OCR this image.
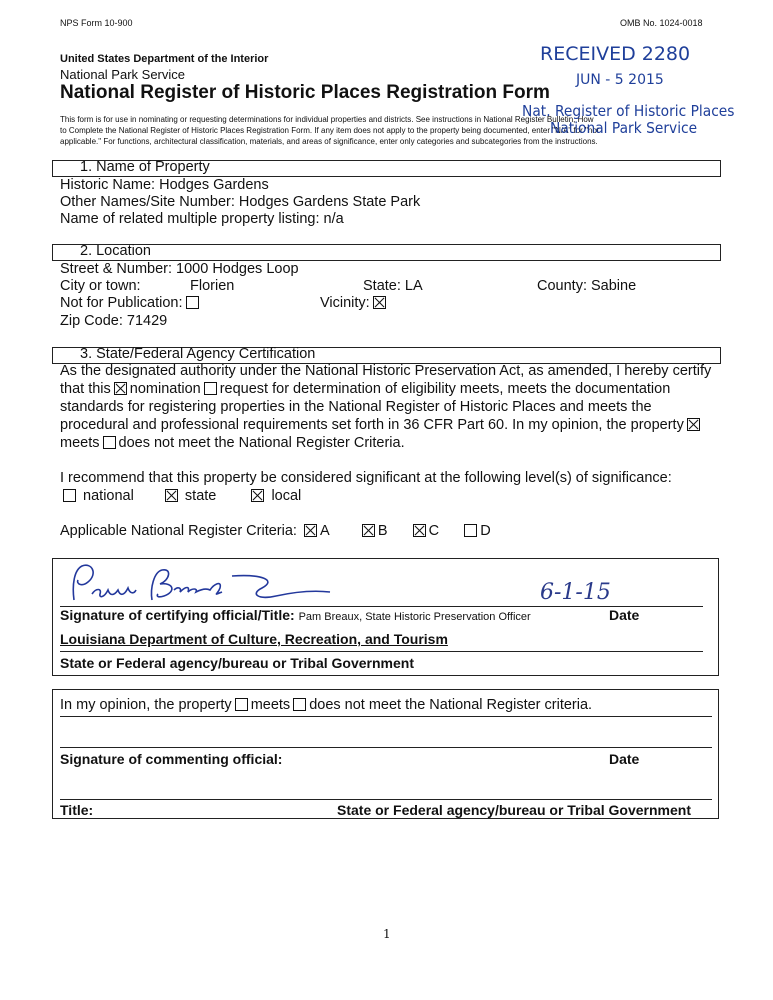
NPS Form 10-900	OMB No. 1024-0018
United States Department of the Interior
National Park Service
National Register of Historic Places Registration Form
This form is for use in nominating or requesting determinations for individual properties and districts. See instructions in National Register Bulletin, How
to Complete the National Register of Historic Places Registration Form. If any item does not apply to the property being documented, enter "N/A" for "not
applicable." For functions, architectural classification, materials, and areas of significance, enter only categories and subcategories from the instructions.
RECEIVED 2280
JUN - 5 2015
Nat. Register of Historic Places
National Park Service
1. Name of Property
Historic Name: Hodges Gardens
Other Names/Site Number: Hodges Gardens State Park
Name of related multiple property listing: n/a
2. Location
Street & Number: 1000 Hodges Loop
City or town:	Florien	State: LA	County: Sabine
Not for Publication:	Vicinity:
Zip Code: 71429
3. State/Federal Agency Certification
As the designated authority under the National Historic Preservation Act, as amended, I hereby certify
that this nomination request for determination of eligibility meets, meets the documentation
standards for registering properties in the National Register of Historic Places and meets the
procedural and professional requirements set forth in 36 CFR Part 60. In my opinion, the property
meets does not meet the National Register Criteria.
I recommend that this property be considered significant at the following level(s) of significance:
national	state	local
Applicable National Register Criteria: A	B	C	D
6-1-15
Signature of certifying official/Title: Pam Breaux, State Historic Preservation Officer	Date
Louisiana Department of Culture, Recreation, and Tourism
State or Federal agency/bureau or Tribal Government
In my opinion, the property meets does not meet the National Register criteria.
Signature of commenting official:	Date
Title:	State or Federal agency/bureau or Tribal Government
1
